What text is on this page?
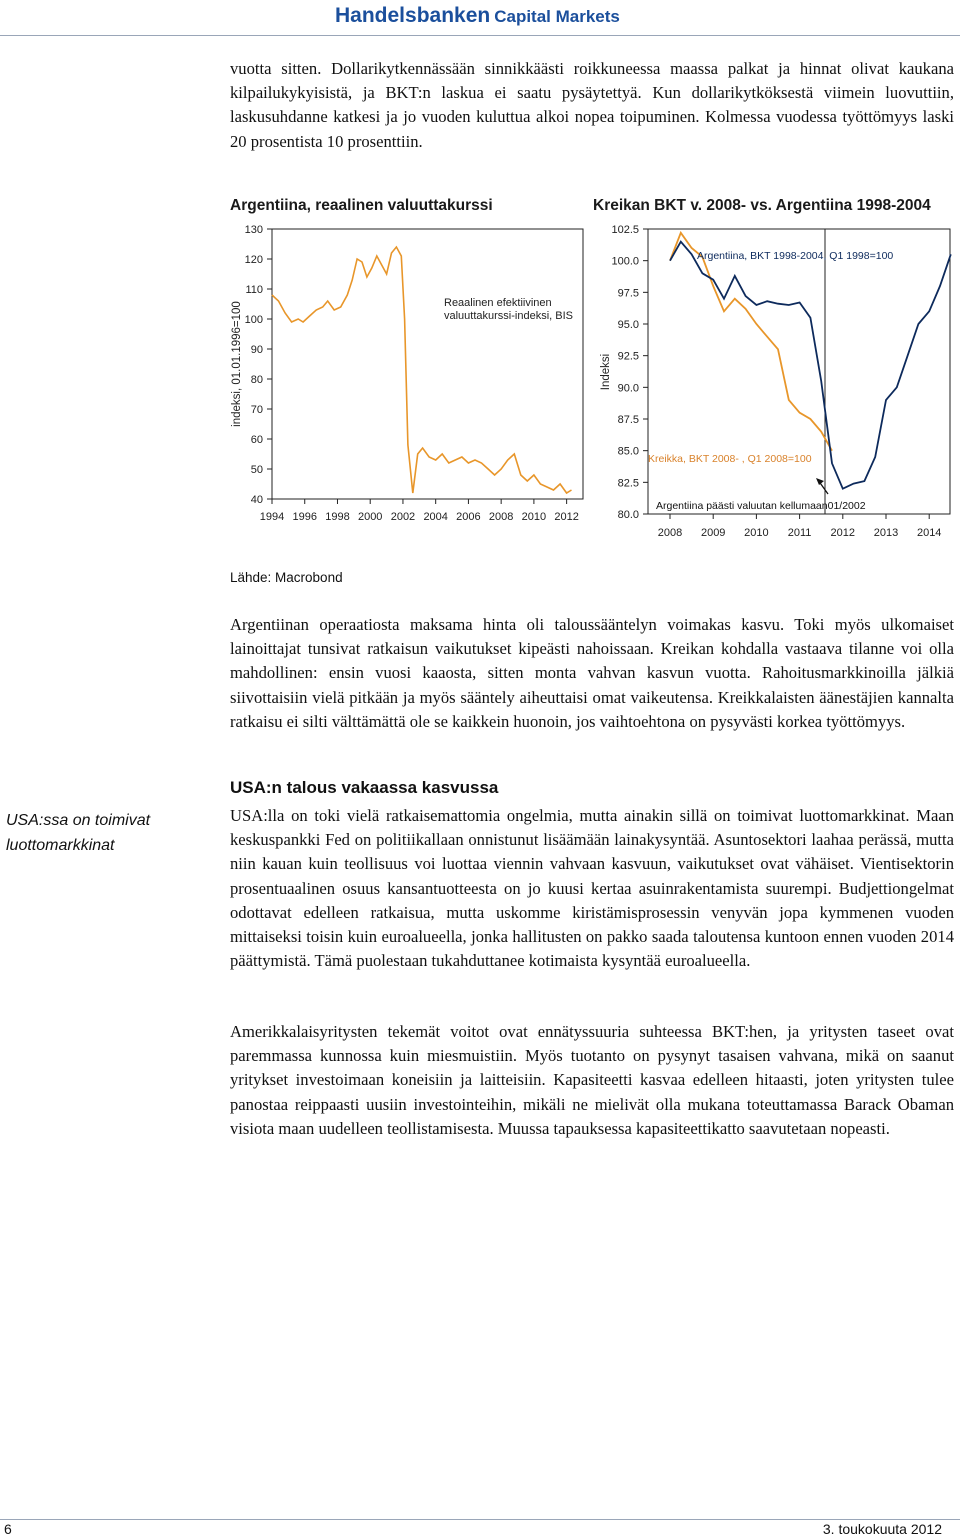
Handelsbanken Capital Markets

vuotta sitten. Dollarikytkennässään sinnikkäästi roikkuneessa maassa palkat ja hinnat olivat kaukana kilpailukykyisistä, ja BKT:n laskua ei saatu pysäytettyä. Kun dollarikytköksestä viimein luovuttiin, laskusuhdanne katkesi ja jo vuoden kuluttua alkoi nopea toipuminen. Kolmessa vuodessa työttömyys laski 20 prosentista 10 prosenttiin.

Argentiina, reaalinen valuuttakurssi	Kreikan BKT v. 2008- vs. Argentiina 1998-2004
40
50
60
70
80
90
100
110
120
130
1994 1996 1998 2000 2002 2004 2006 2008 2010 2012
indeksi, 01.01.1996=100	Reaalinen efektiivinen valuuttakurssi-indeksi, BIS
80.0
82.5
85.0
87.5
90.0
92.5
95.0
97.5
100.0
102.5
2008 2009 2010 2011 2012 2013 2014
Indeksi
Argentiina, BKT 1998-2004, Q1 1998=100
Kreikka, BKT 2008- , Q1 2008=100
Argentiina päästi valuutan kellumaan01/2002
Lähde: Macrobond

Argentiinan operaatiosta maksama hinta oli taloussääntelyn voimakas kasvu. Toki myös ulkomaiset lainoittajat tunsivat ratkaisun vaikutukset kipeästi nahoissaan. Kreikan kohdalla vastaava tilanne voi olla mahdollinen: ensin vuosi kaaosta, sitten monta vahvan kasvun vuotta. Rahoitusmarkkinoilla jälkiä siivottaisiin vielä pitkään ja myös sääntely aiheuttaisi omat vaikeutensa. Kreikkalaisten äänestäjien kannalta ratkaisu ei silti välttämättä ole se kaikkein huonoin, jos vaihtoehtona on pysyvästi korkea työttömyys.

USA:n talous vakaassa kasvussa
USA:ssa on toimivat luottomarkkinat

USA:lla on toki vielä ratkaisemattomia ongelmia, mutta ainakin sillä on toimivat luottomarkkinat. Maan keskuspankki Fed on politiikallaan onnistunut lisäämään lainakysyntää. Asuntosektori laahaa perässä, mutta niin kauan kuin teollisuus voi luottaa viennin vahvaan kasvuun, vaikutukset ovat vähäiset. Vientisektorin prosentuaalinen osuus kansantuotteesta on jo kuusi kertaa asuinrakentamista suurempi. Budjettiongelmat odottavat edelleen ratkaisua, mutta uskomme kiristämisprosessin venyvän jopa kymmenen vuoden mittaiseksi toisin kuin euroalueella, jonka hallitusten on pakko saada taloutensa kuntoon ennen vuoden 2014 päättymistä. Tämä puolestaan tukahduttanee kotimaista kysyntää euroalueella.

Amerikkalaisyritysten tekemät voitot ovat ennätyssuuria suhteessa BKT:hen, ja yritysten taseet ovat paremmassa kunnossa kuin miesmuistiin. Myös tuotanto on pysynyt tasaisen vahvana, mikä on saanut yritykset investoimaan koneisiin ja laitteisiin. Kapasiteetti kasvaa edelleen hitaasti, joten yritysten tulee panostaa reippaasti uusiin investointeihin, mikäli ne mielivät olla mukana toteuttamassa Barack Obaman visiota maan uudelleen teollistamisesta. Muussa tapauksessa kapasiteettikatto saavutetaan nopeasti.

6	3. toukokuuta 2012
